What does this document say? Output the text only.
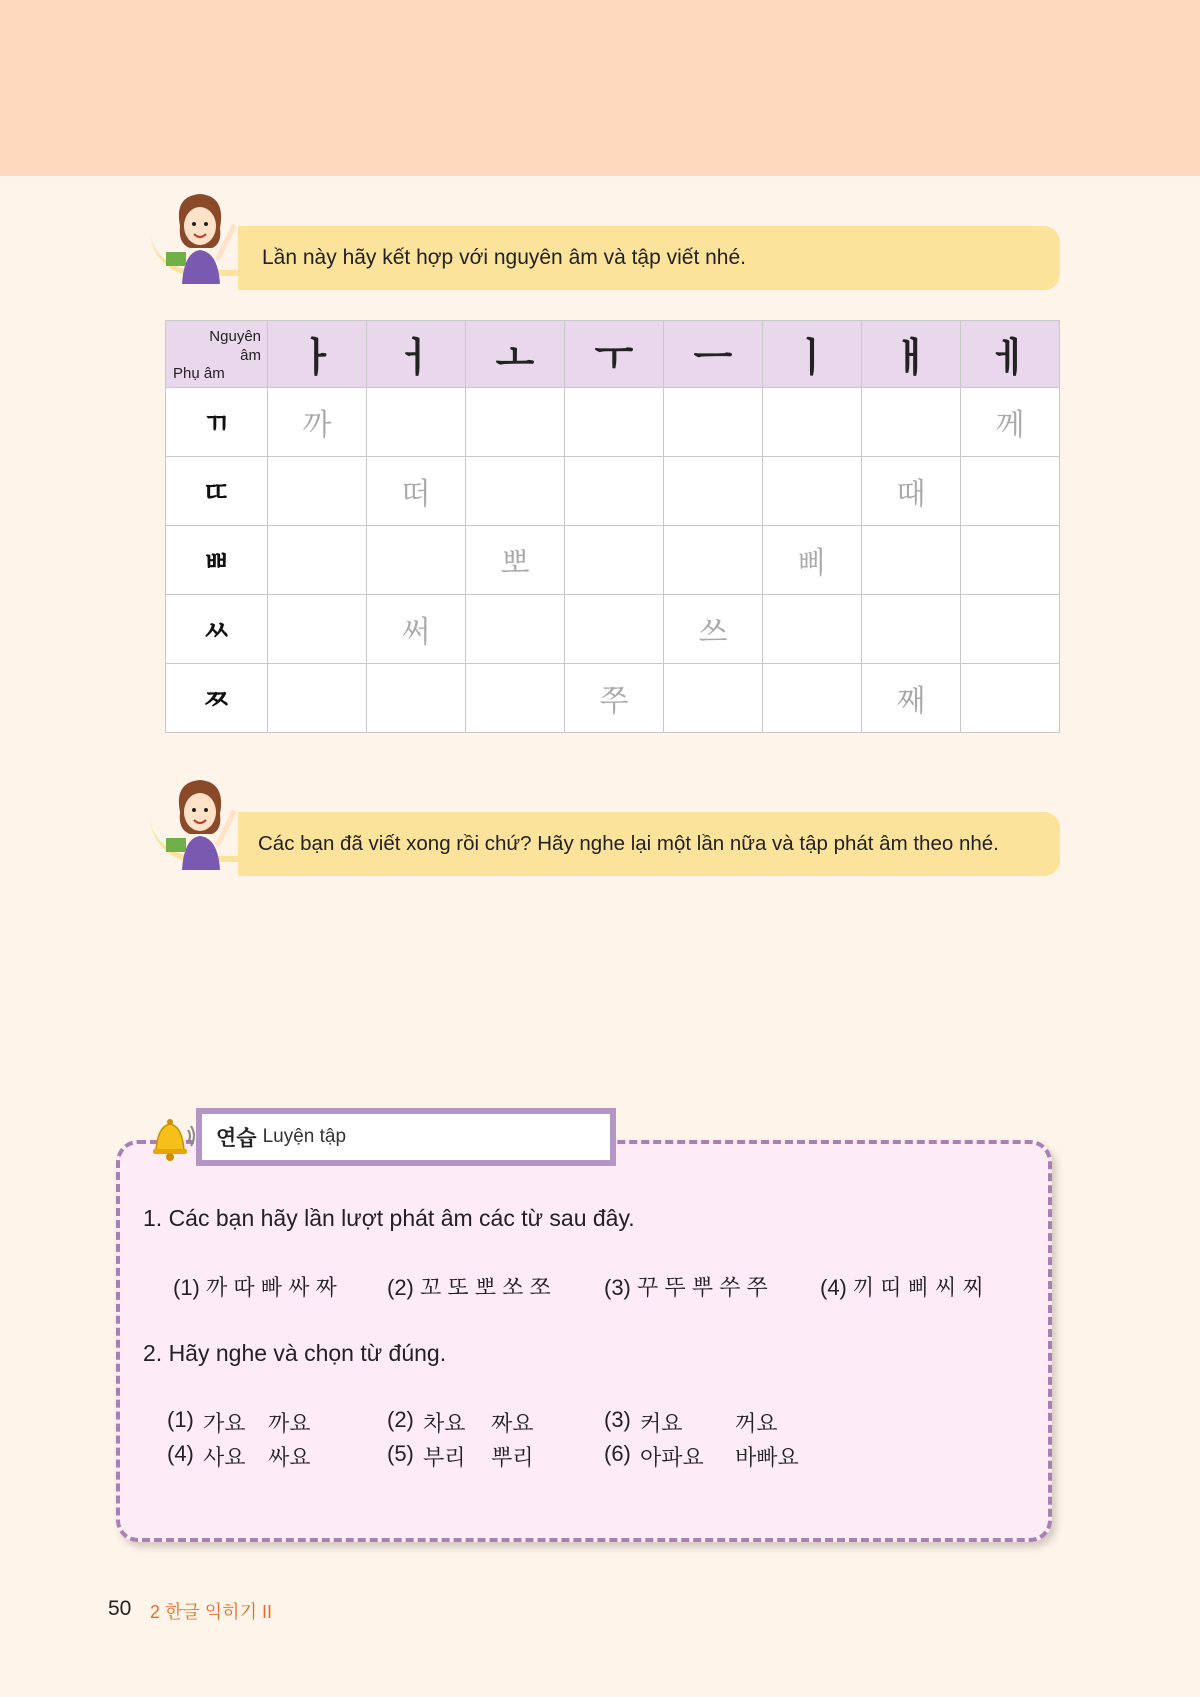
Lần này hãy kết hợp với nguyên âm và tập viết nhé.
Nguyên
âm
Phụ âm	ㅏ	ㅓ	ㅗ	ㅜ	ㅡ	ㅣ	ㅐ	ㅔ
ㄲ	까							께
ㄸ		떠					때	
ㅃ			뽀			삐		
ㅆ		써			쓰			
ㅉ				쭈			째	
Các bạn đã viết xong rồi chứ? Hãy nghe lại một lần nữa và tập phát âm theo nhé.
연습 Luyện tập
1. Các bạn hãy lần lượt phát âm các từ sau đây.
(1) 까 따 빠 싸 짜 (2) 꼬 또 뽀 쏘 쪼 (3) 꾸 뚜 뿌 쑤 쭈 (4) 끼 띠 삐 씨 찌
2. Hãy nghe và chọn từ đúng.
(1) 가요 까요	(2) 차요 짜요	(3) 커요 꺼요
(4) 사요 싸요	(5) 부리 뿌리	(6) 아파요 바빠요
50 2 한글 익히기 II
